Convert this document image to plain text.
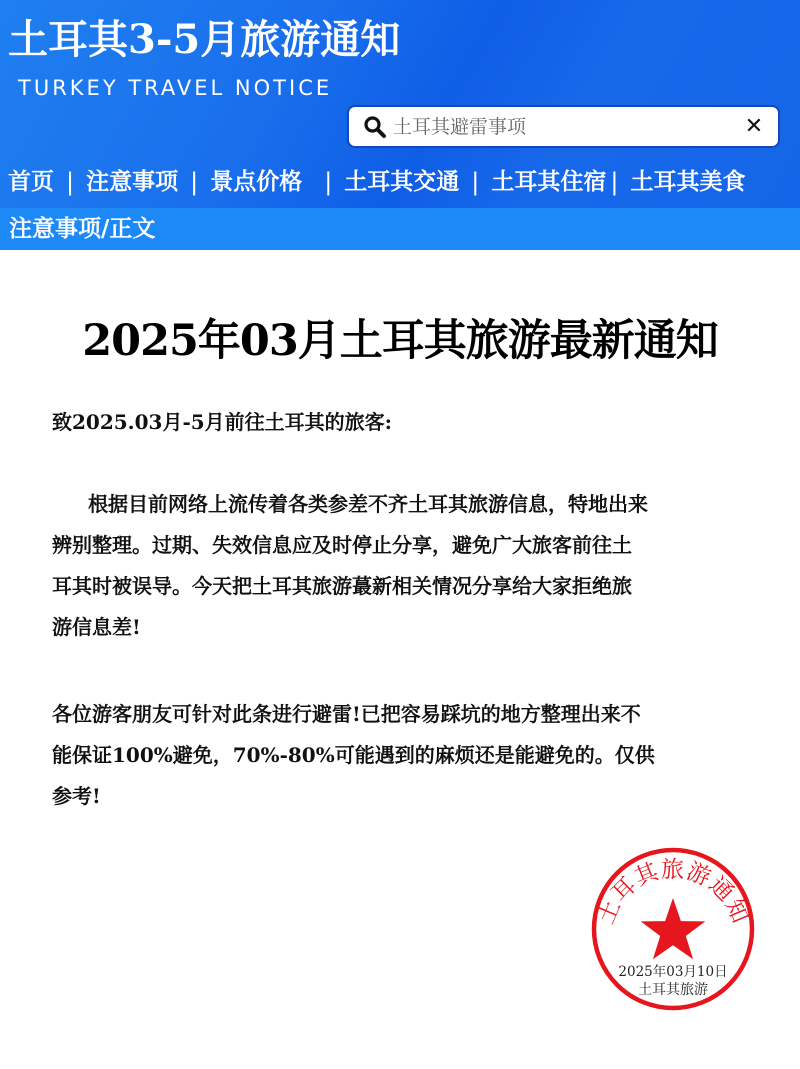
土耳其3-5月旅游通知
TURKEY TRAVEL NOTICE
土耳其避雷事项
✕
首页 | 注意事项 | 景点价格 | 土耳其交通 | 土耳其住宿 | 土耳其美食
注意事项/正文
2025年03月土耳其旅游最新通知
致2025.03月-5月前往土耳其的旅客:
根据目前网络上流传着各类参差不齐土耳其旅游信息，特地出来
辨别整理。过期、失效信息应及时停止分享，避免广大旅客前往土
耳其时被误导。今天把土耳其旅游蕞新相关情况分享给大家拒绝旅
游信息差!
各位游客朋友可针对此条进行避雷!已把容易踩坑的地方整理出来不
能保证100%避免，70%-80%可能遇到的麻烦还是能避免的。仅供
参考!
土耳其旅游通知
2025年03月10日
土耳其旅游
